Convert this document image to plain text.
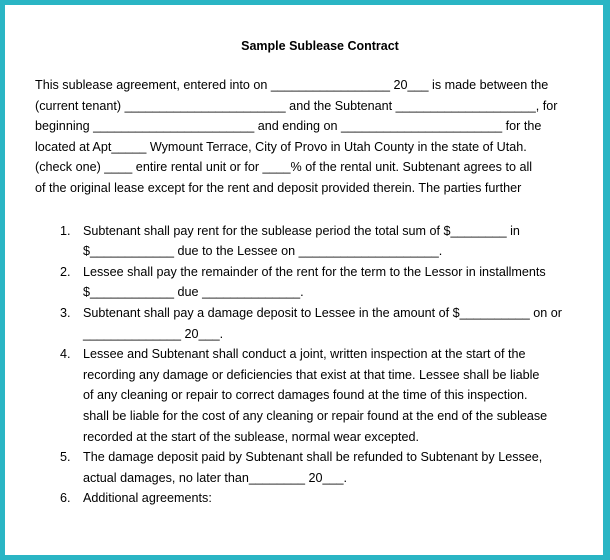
Sample Sublease Contract
This sublease agreement, entered into on _________________ 20___ is made between the
(current tenant) _______________________ and the Subtenant ____________________, for
beginning _______________________ and ending on _______________________ for the
located at Apt_____ Wymount Terrace, City of Provo in Utah County in the state of Utah.
(check one) ____ entire rental unit or for ____% of the rental unit. Subtenant agrees to all
of the original lease except for the rent and deposit provided therein. The parties further
1. Subtenant shall pay rent for the sublease period the total sum of $________ in
$____________ due to the Lessee on ____________________.
2. Lessee shall pay the remainder of the rent for the term to the Lessor in installments
$____________ due ______________.
3. Subtenant shall pay a damage deposit to Lessee in the amount of $__________ on or
______________ 20___.
4. Lessee and Subtenant shall conduct a joint, written inspection at the start of the
recording any damage or deficiencies that exist at that time. Lessee shall be liable
of any cleaning or repair to correct damages found at the time of this inspection.
shall be liable for the cost of any cleaning or repair found at the end of the sublease
recorded at the start of the sublease, normal wear excepted.
5. The damage deposit paid by Subtenant shall be refunded to Subtenant by Lessee,
actual damages, no later than________ 20___.
6. Additional agreements:
